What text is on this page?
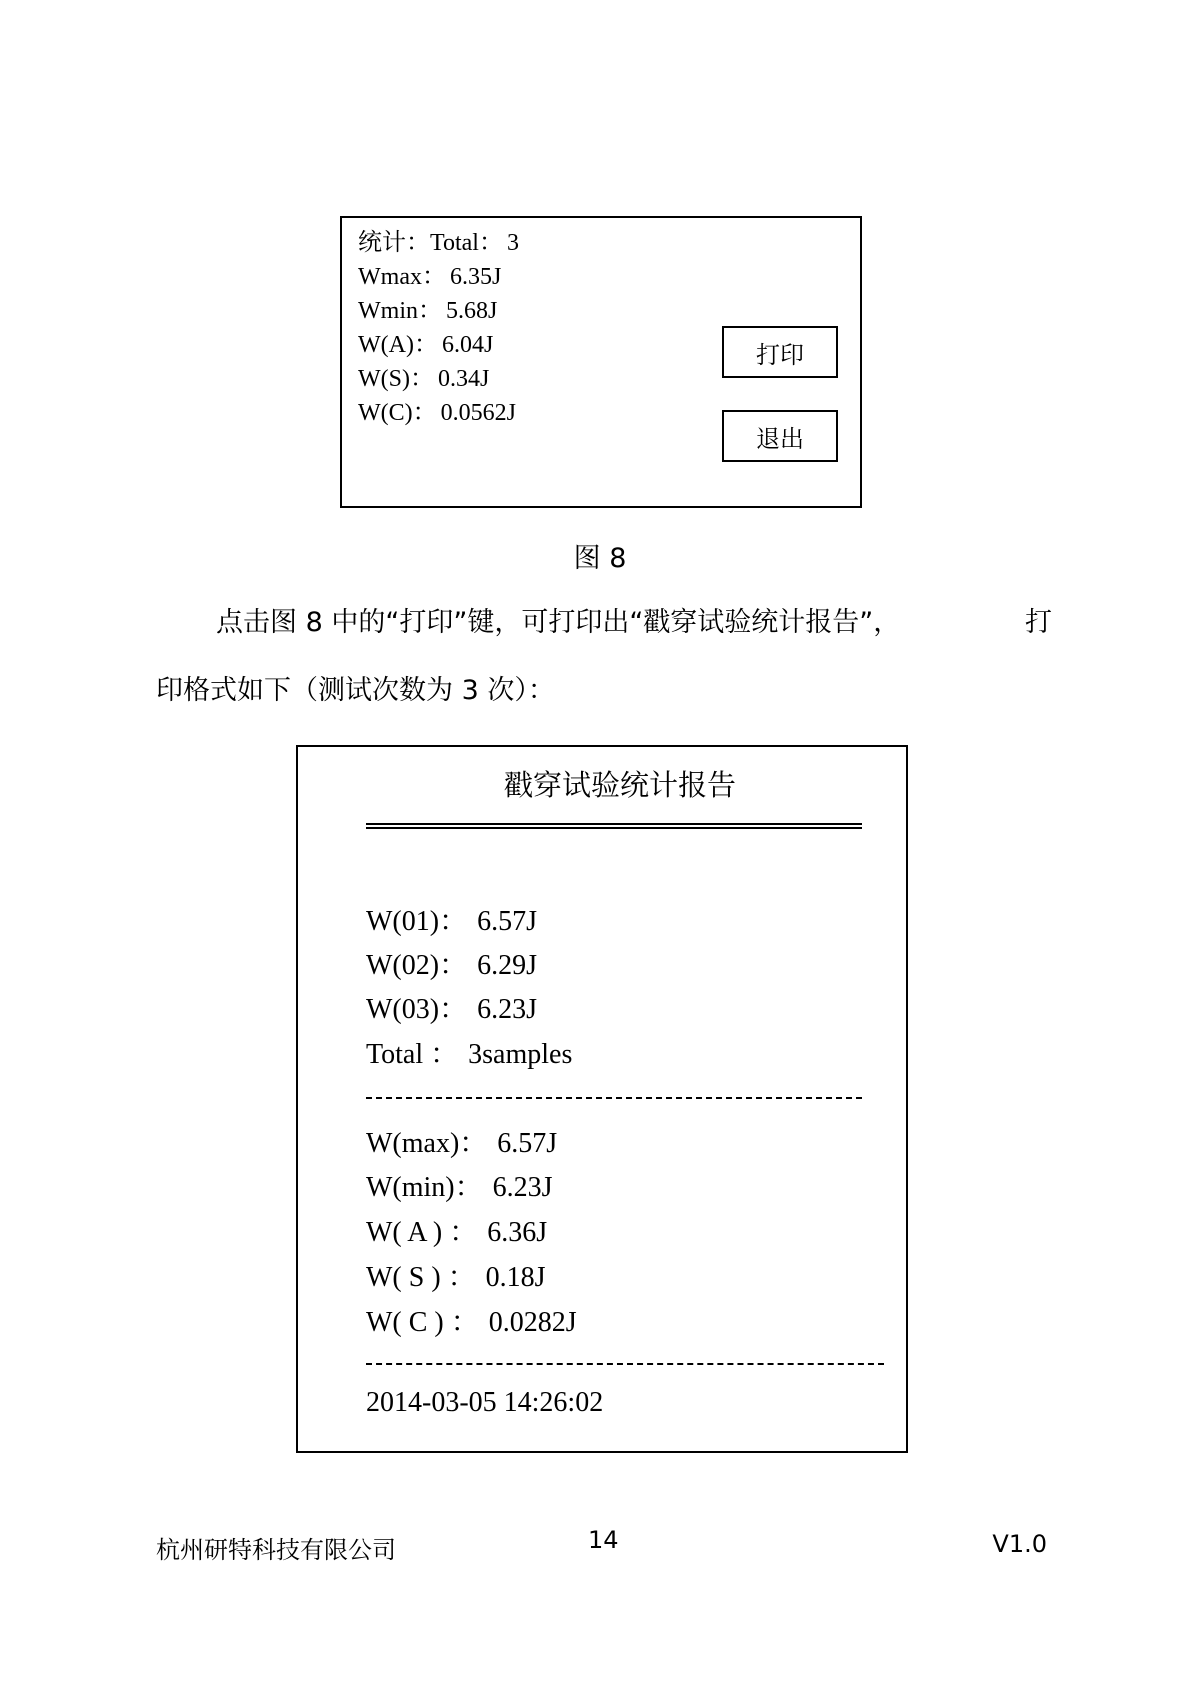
统计：Total： 3
Wmax： 6.35J
Wmin： 5.68J
W(A)： 6.04J
W(S)： 0.34J
W(C)： 0.0562J
打印
退出
图 8
点击图 8 中的“打印”键，可打印出“戳穿试验统计报告”，	打
印格式如下（测试次数为 3 次）：
戳穿试验统计报告
W(01)： 6.57J
W(02)： 6.29J
W(03)： 6.23J
Total ： 3samples
W(max)： 6.57J
W(min)： 6.23J
W( A ) ： 6.36J
W( S ) ： 0.18J
W( C ) ： 0.0282J
2014-03-05 14:26:02
杭州研特科技有限公司	14	V1.0
